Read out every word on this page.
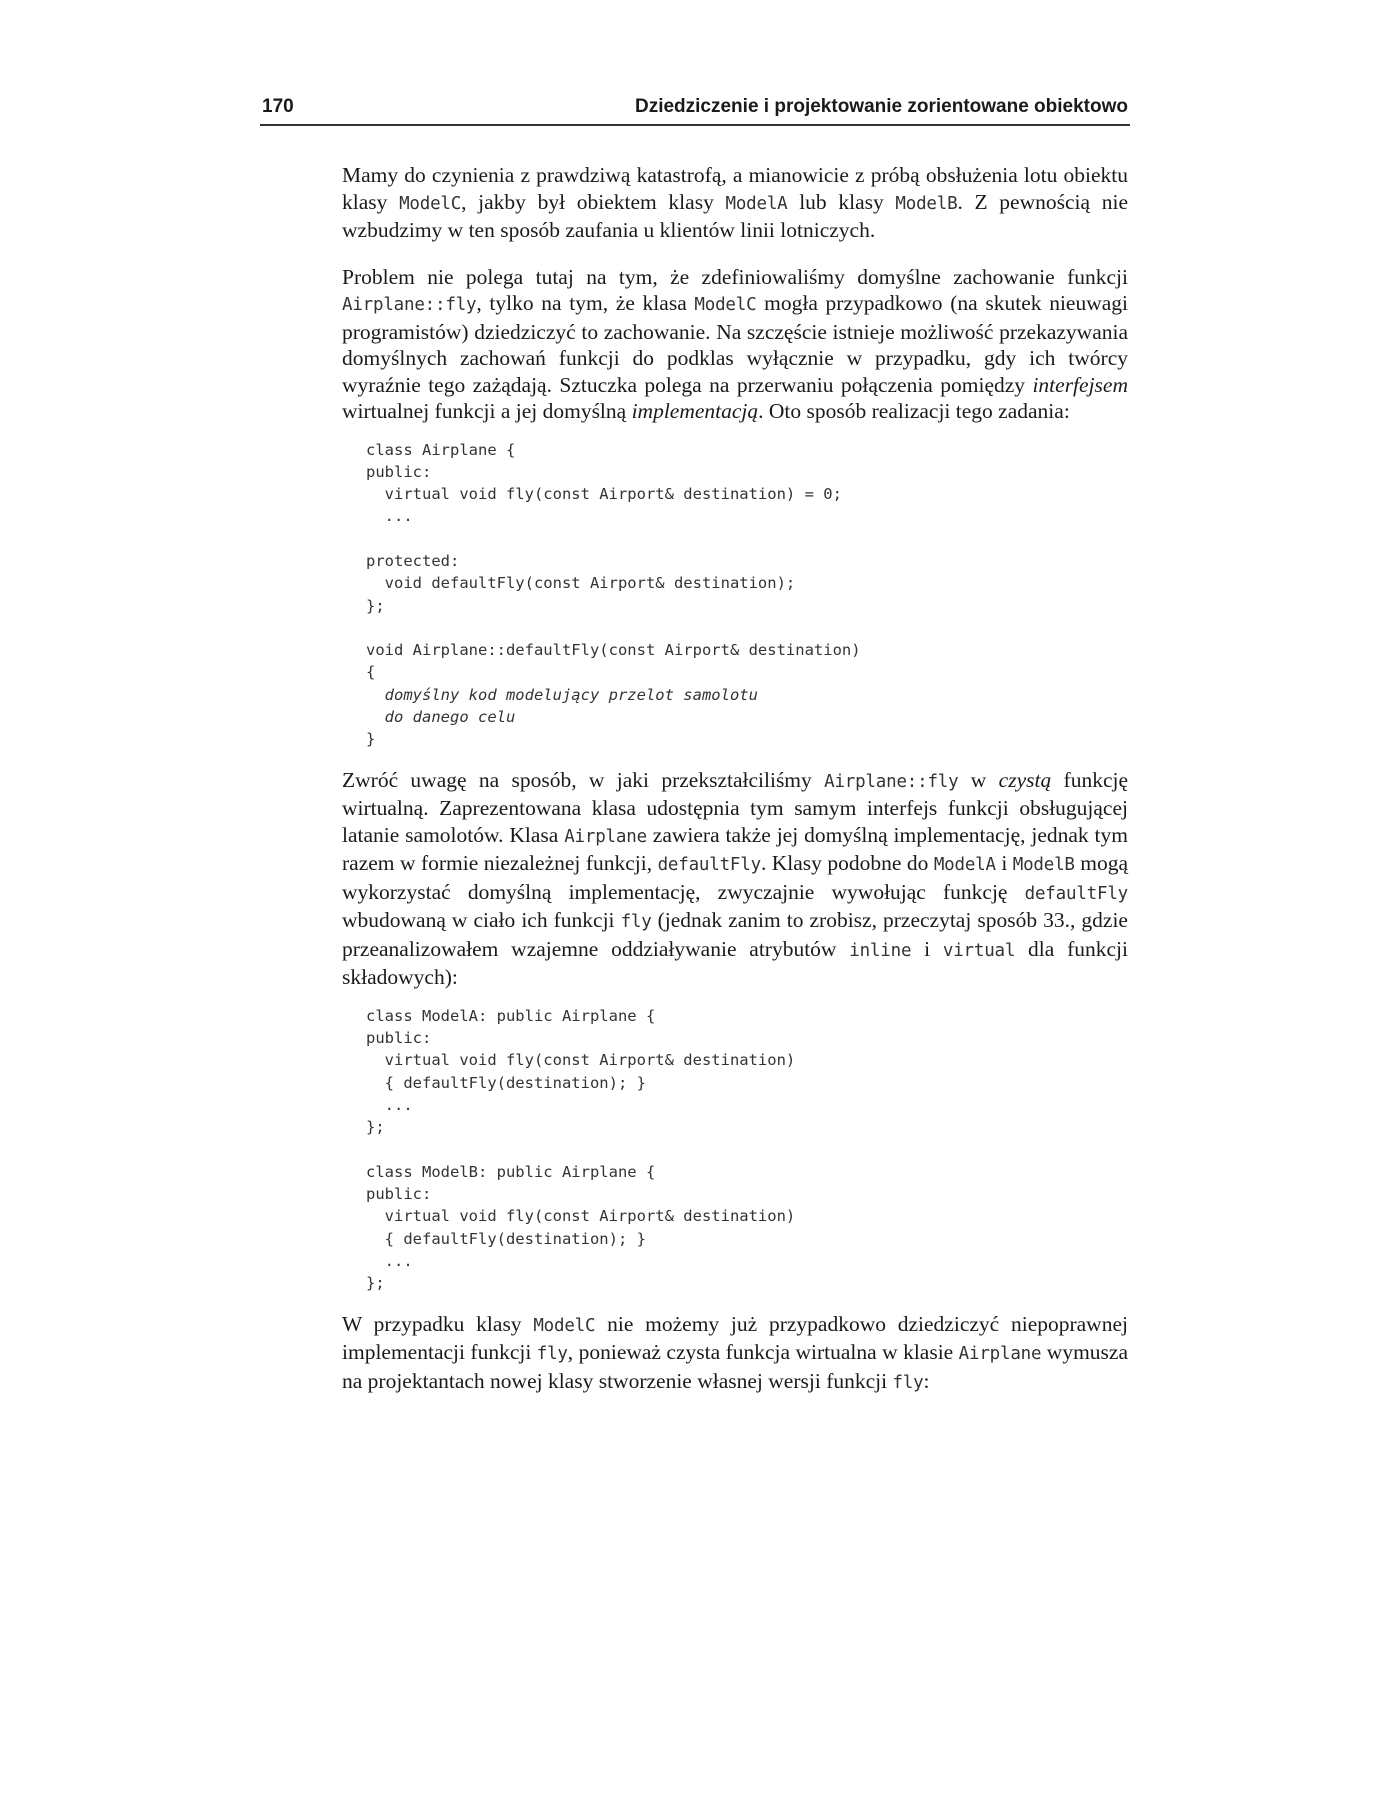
170	Dziedziczenie i projektowanie zorientowane obiektowo

Mamy do czynienia z prawdziwą katastrofą, a mianowicie z próbą obsłużenia lotu obiektu klasy ModelC, jakby był obiektem klasy ModelA lub klasy ModelB. Z pewnością nie wzbudzimy w ten sposób zaufania u klientów linii lotniczych.

Problem nie polega tutaj na tym, że zdefiniowaliśmy domyślne zachowanie funkcji Airplane::fly, tylko na tym, że klasa ModelC mogła przypadkowo (na skutek nieuwagi programistów) dziedziczyć to zachowanie. Na szczęście istnieje możliwość przekazywania domyślnych zachowań funkcji do podklas wyłącznie w przypadku, gdy ich twórcy wyraźnie tego zażądają. Sztuczka polega na przerwaniu połączenia pomiędzy interfejsem wirtualnej funkcji a jej domyślną implementacją. Oto sposób realizacji tego zadania:

class Airplane {
public:
virtual void fly(const Airport& destination) = 0;
...
protected:
void defaultFly(const Airport& destination);
};
void Airplane::defaultFly(const Airport& destination)
{
domyślny kod modelujący przelot samolotu
do danego celu
}

Zwróć uwagę na sposób, w jaki przekształciliśmy Airplane::fly w czystą funkcję wirtualną. Zaprezentowana klasa udostępnia tym samym interfejs funkcji obsługującej latanie samolotów. Klasa Airplane zawiera także jej domyślną implementację, jednak tym razem w formie niezależnej funkcji, defaultFly. Klasy podobne do ModelA i ModelB mogą wykorzystać domyślną implementację, zwyczajnie wywołując funkcję defaultFly wbudowaną w ciało ich funkcji fly (jednak zanim to zrobisz, przeczytaj sposób 33., gdzie przeanalizowałem wzajemne oddziaływanie atrybutów inline i virtual dla funkcji składowych):

class ModelA: public Airplane {
public:
virtual void fly(const Airport& destination)
{ defaultFly(destination); }
...
};
class ModelB: public Airplane {
public:
virtual void fly(const Airport& destination)
{ defaultFly(destination); }
...
};

W przypadku klasy ModelC nie możemy już przypadkowo dziedziczyć niepoprawnej implementacji funkcji fly, ponieważ czysta funkcja wirtualna w klasie Airplane wymusza na projektantach nowej klasy stworzenie własnej wersji funkcji fly:
